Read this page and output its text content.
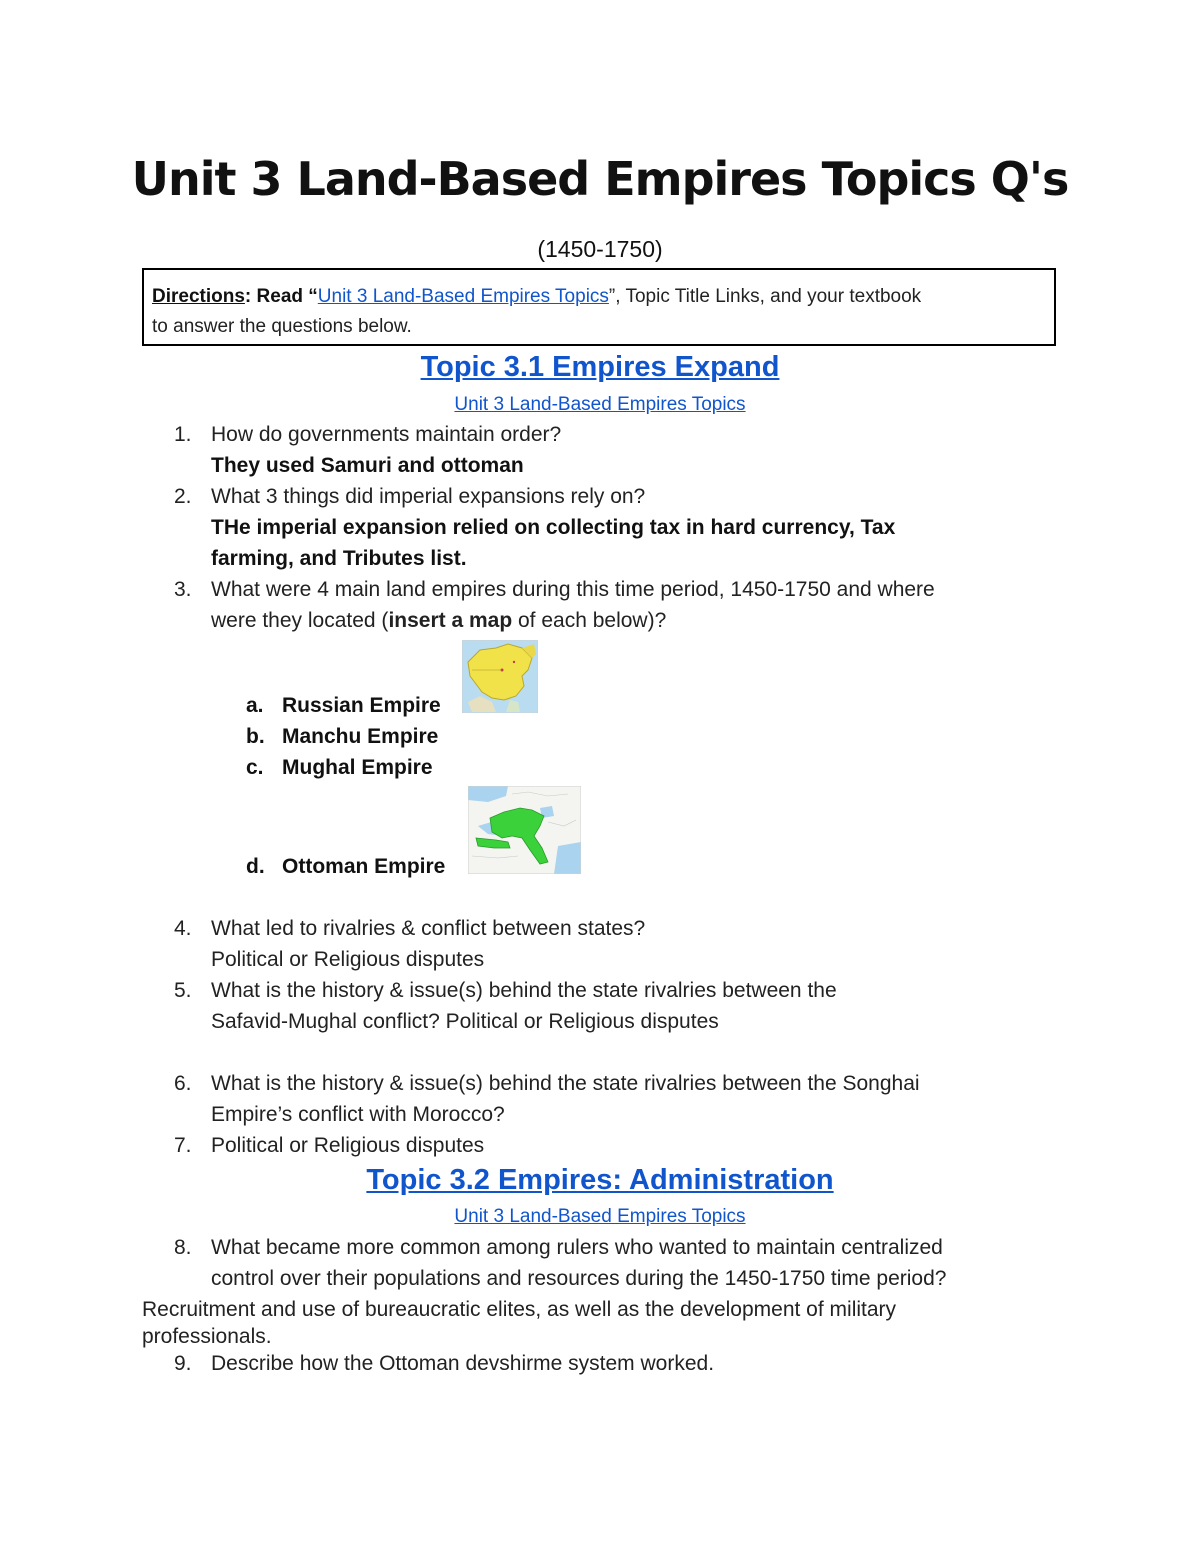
Unit 3 Land-Based Empires Topics Q's
(1450-1750)
Directions: Read “Unit 3 Land-Based Empires Topics”, Topic Title Links, and your textbook
to answer the questions below.
Topic 3.1 Empires Expand
Unit 3 Land-Based Empires Topics
1. How do governments maintain order?
They used Samuri and ottoman
2. What 3 things did imperial expansions rely on?
THe imperial expansion relied on collecting tax in hard currency, Tax
farming, and Tributes list.
3. What were 4 main land empires during this time period, 1450-1750 and where
were they located (insert a map of each below)?
a. Russian Empire
b. Manchu Empire
c. Mughal Empire
d. Ottoman Empire
4. What led to rivalries & conflict between states?
Political or Religious disputes
5. What is the history & issue(s) behind the state rivalries between the
Safavid-Mughal conflict? Political or Religious disputes
6. What is the history & issue(s) behind the state rivalries between the Songhai
Empire’s conflict with Morocco?
7. Political or Religious disputes
Topic 3.2 Empires: Administration
Unit 3 Land-Based Empires Topics
8. What became more common among rulers who wanted to maintain centralized
control over their populations and resources during the 1450-1750 time period?
Recruitment and use of bureaucratic elites, as well as the development of military
professionals.
9. Describe how the Ottoman devshirme system worked.
